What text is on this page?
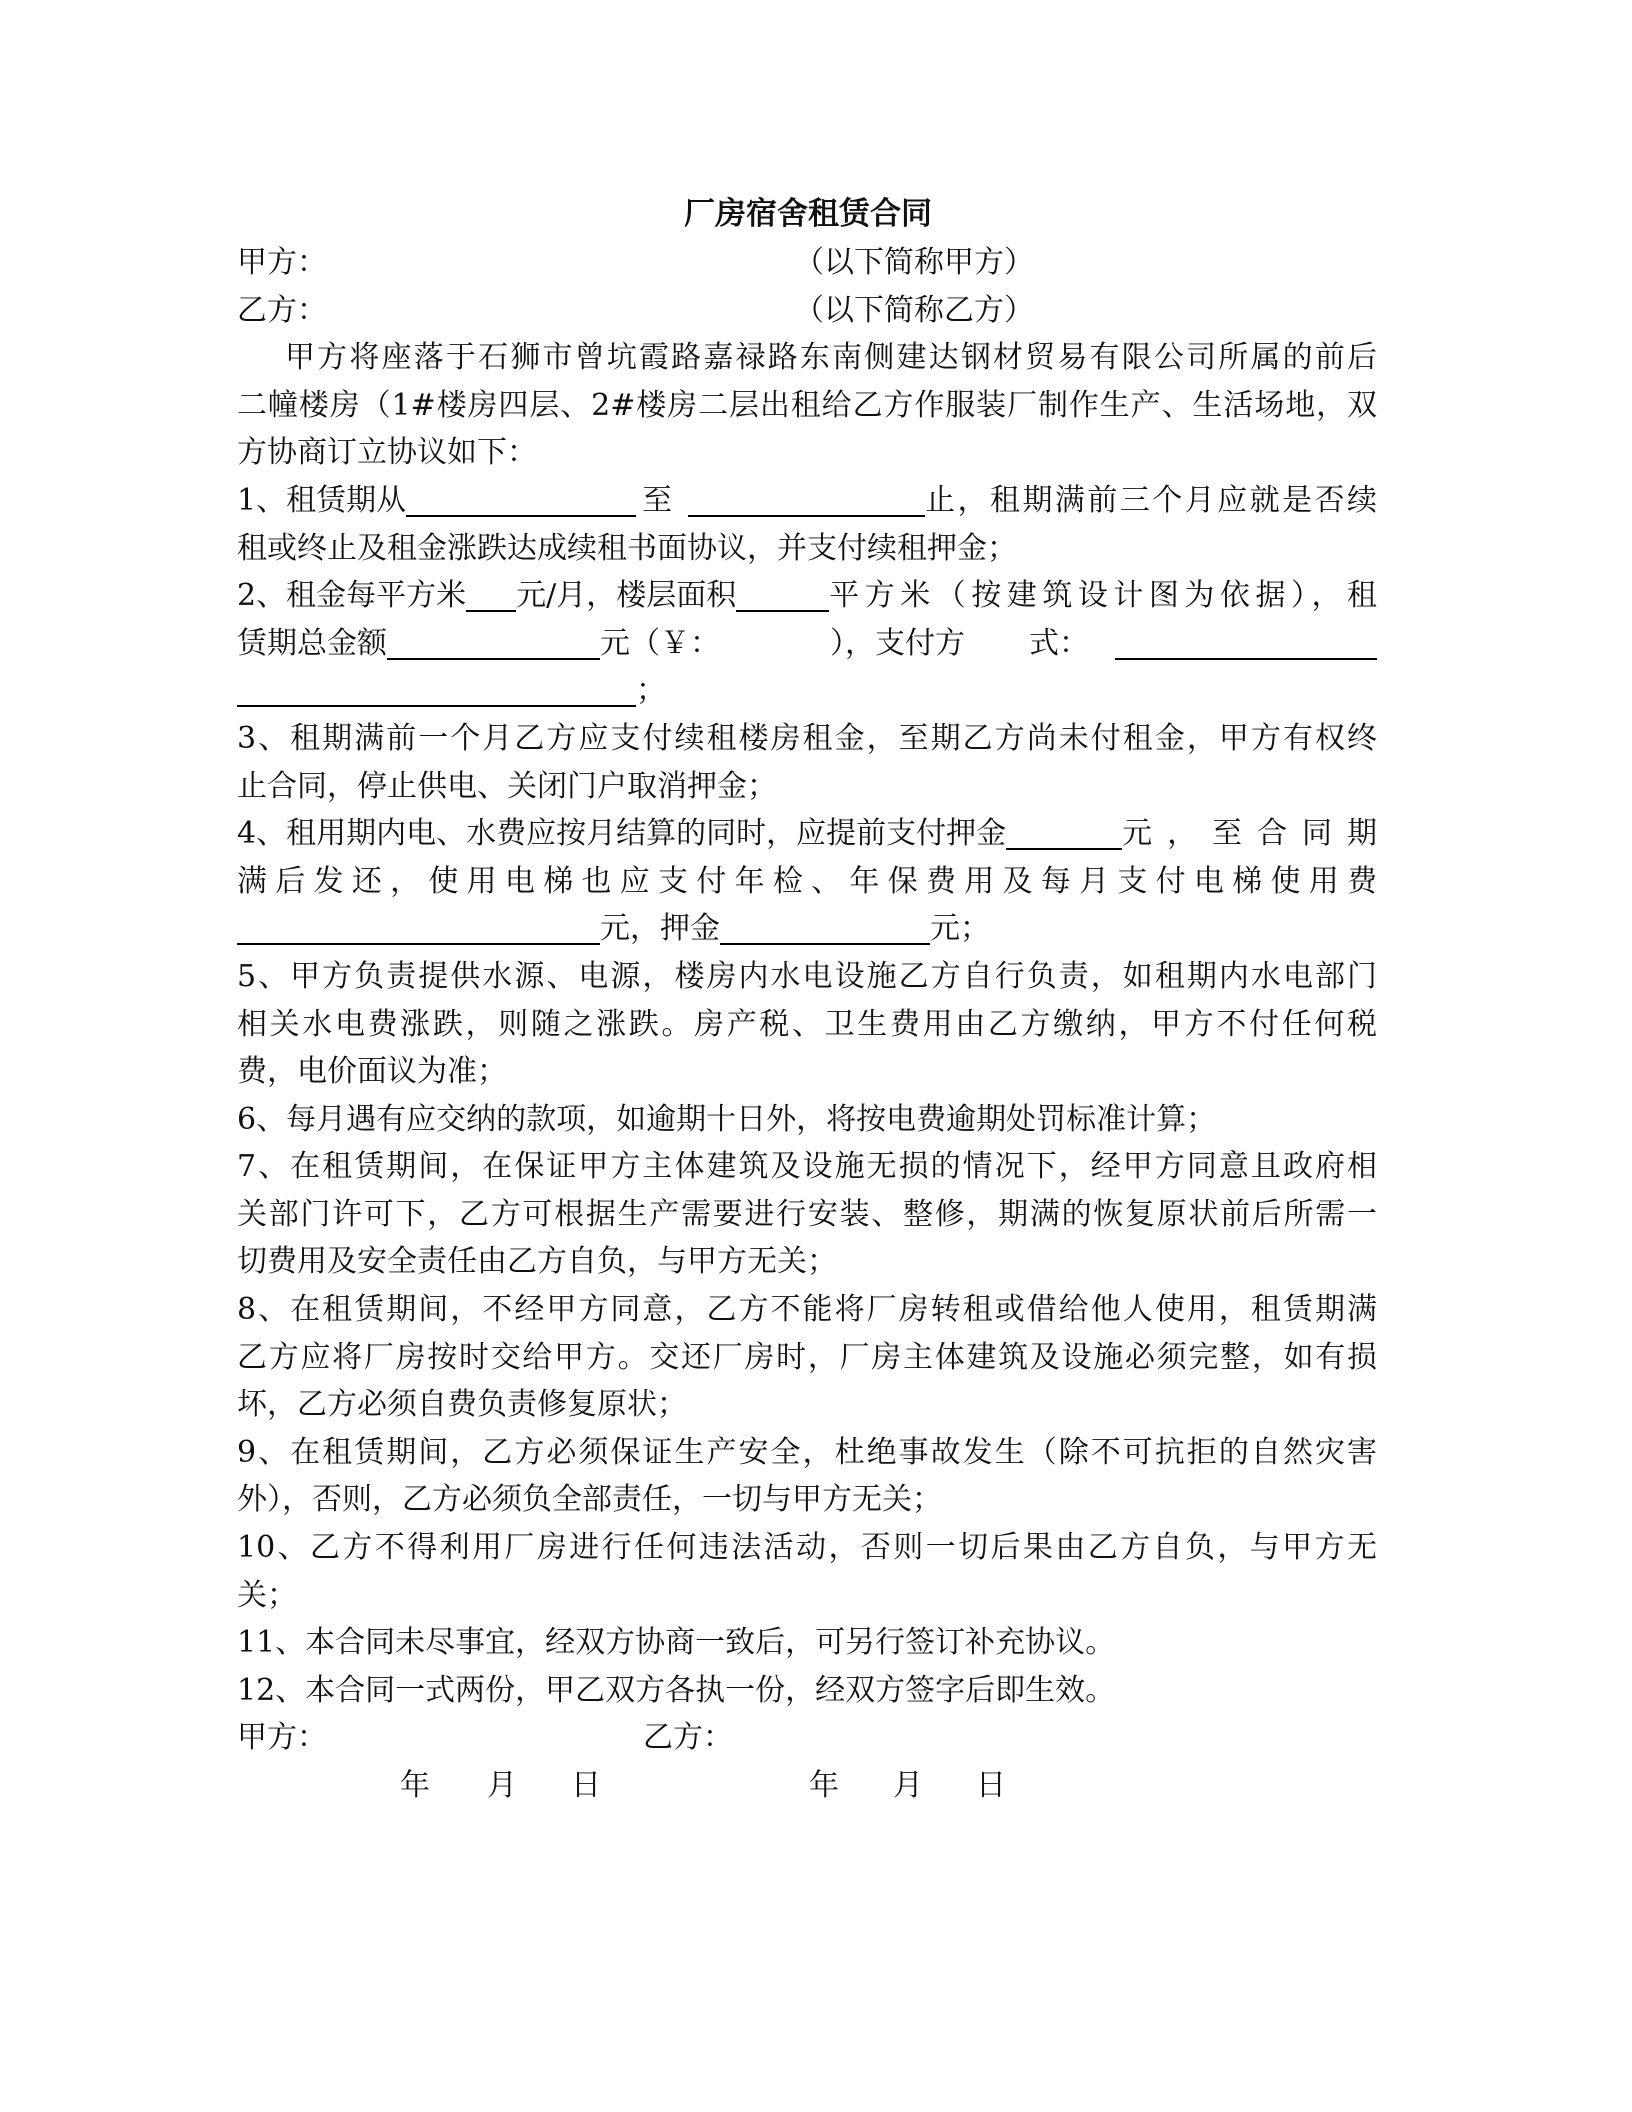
厂房宿舍租赁合同
甲方：	（以下简称甲方）
乙方：	（以下简称乙方）
甲方将座落于石狮市曾坑霞路嘉禄路东南侧建达钢材贸易有限公司所属的前后
二幢楼房（1#楼房四层、2#楼房二层出租给乙方作服装厂制作生产、生活场地，双
方协商订立协议如下：
1、租赁期从	至	止，租期满前三个月应就是否续
租或终止及租金涨跌达成续租书面协议，并支付续租押金；
2、租金每平方米 元/月，楼层面积	平方米（按建筑设计图为依据），租
赁期总金额	元（￥：	），支付方 式：
；
3、租期满前一个月乙方应支付续租楼房租金，至期乙方尚未付租金，甲方有权终
止合同，停止供电、关闭门户取消押金；
4、租用期内电、水费应按月结算的同时，应提前支付押金	元，至合同期
满后发还，使用电梯也应支付年检、年保费用及每月支付电梯使用费
元，押金	元；
5、甲方负责提供水源、电源，楼房内水电设施乙方自行负责，如租期内水电部门
相关水电费涨跌，则随之涨跌。房产税、卫生费用由乙方缴纳，甲方不付任何税
费，电价面议为准；
6、每月遇有应交纳的款项，如逾期十日外，将按电费逾期处罚标准计算；
7、在租赁期间，在保证甲方主体建筑及设施无损的情况下，经甲方同意且政府相
关部门许可下，乙方可根据生产需要进行安装、整修，期满的恢复原状前后所需一
切费用及安全责任由乙方自负，与甲方无关；
8、在租赁期间，不经甲方同意，乙方不能将厂房转租或借给他人使用，租赁期满
乙方应将厂房按时交给甲方。交还厂房时，厂房主体建筑及设施必须完整，如有损
坏，乙方必须自费负责修复原状；
9、在租赁期间，乙方必须保证生产安全，杜绝事故发生（除不可抗拒的自然灾害
外），否则，乙方必须负全部责任，一切与甲方无关；
10、乙方不得利用厂房进行任何违法活动，否则一切后果由乙方自负，与甲方无
关；
11、本合同未尽事宜，经双方协商一致后，可另行签订补充协议。
12、本合同一式两份，甲乙双方各执一份，经双方签字后即生效。
甲方：	乙方：
年 月 日	年 月 日
